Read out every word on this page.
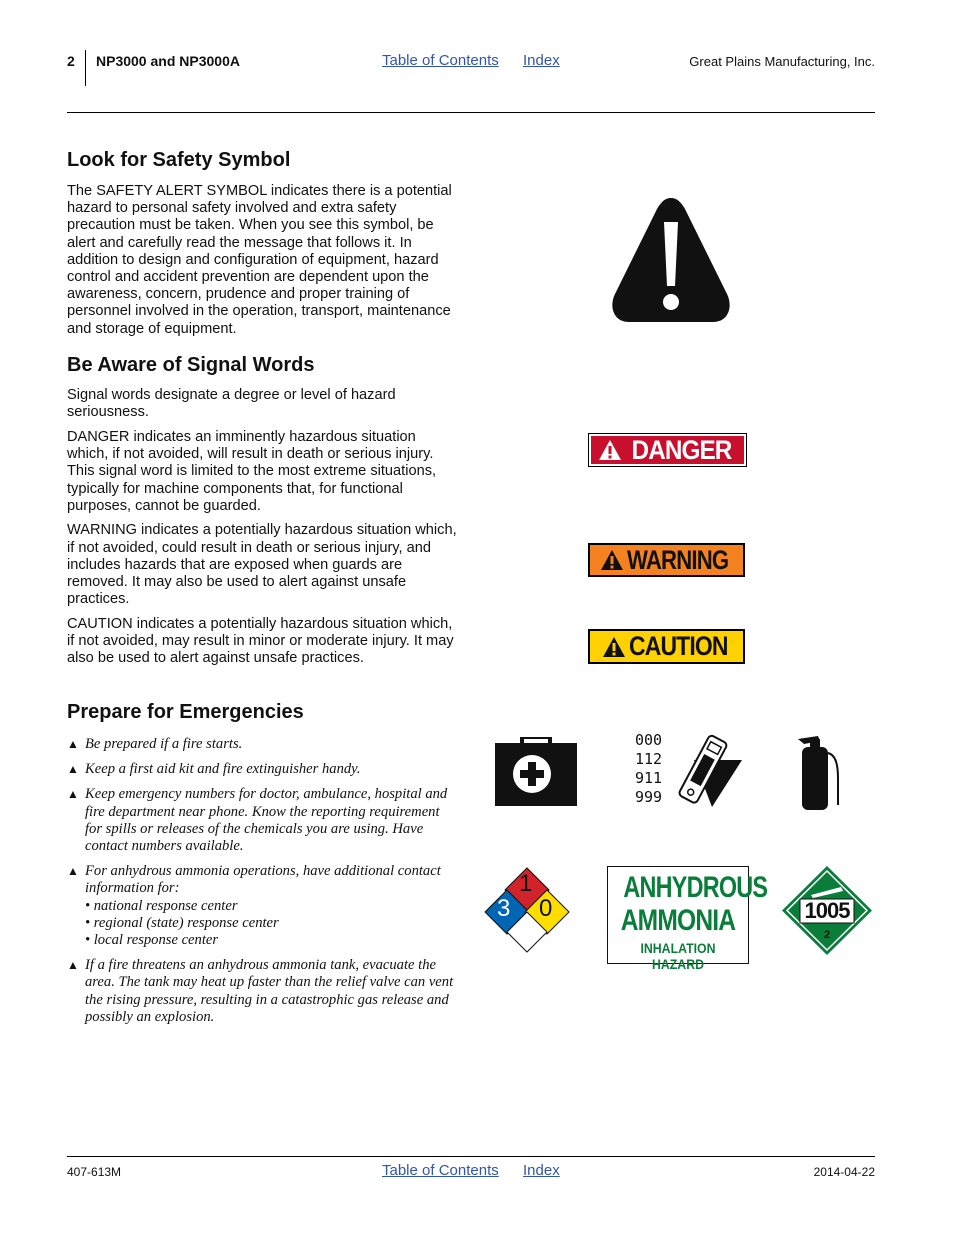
2 NP3000 and NP3000A	Table of Contents Index	Great Plains Manufacturing, Inc.
Look for Safety Symbol

The SAFETY ALERT SYMBOL indicates there is a potential hazard to personal safety involved and extra safety precaution must be taken. When you see this symbol, be alert and carefully read the message that follows it. In addition to design and configuration of equipment, hazard control and accident prevention are dependent upon the awareness, concern, prudence and proper training of personnel involved in the operation, transport, maintenance and storage of equipment.

Be Aware of Signal Words

Signal words designate a degree or level of hazard seriousness.

DANGER indicates an imminently hazardous situation which, if not avoided, will result in death or serious injury. This signal word is limited to the most extreme situations, typically for machine components that, for functional purposes, cannot be guarded.

WARNING indicates a potentially hazardous situation which, if not avoided, could result in death or serious injury, and includes hazards that are exposed when guards are removed. It may also be used to alert against unsafe practices.

CAUTION indicates a potentially hazardous situation which, if not avoided, may result in minor or moderate injury. It may also be used to alert against unsafe practices.

Prepare for Emergencies
▲ Be prepared if a fire starts.
▲ Keep a first aid kit and fire extinguisher handy.
▲ Keep emergency numbers for doctor, ambulance, hospital and fire department near phone. Know the reporting requirement for spills or releases of the chemicals you are using. Have contact numbers available.
▲ For anhydrous ammonia operations, have additional contact information for:
• national response center
• regional (state) response center
• local response center
▲ If a fire threatens an anhydrous ammonia tank, evacuate the area. The tank may heat up faster than the relief valve can vent the rising pressure, resulting in a catastrophic gas release and possibly an explosion.
DANGER
WARNING
CAUTION
000
112
911
999
1
3 0
ANHYDROUS
AMMONIA
INHALATION HAZARD
1005
2
407-613M	Table of Contents Index	2014-04-22
